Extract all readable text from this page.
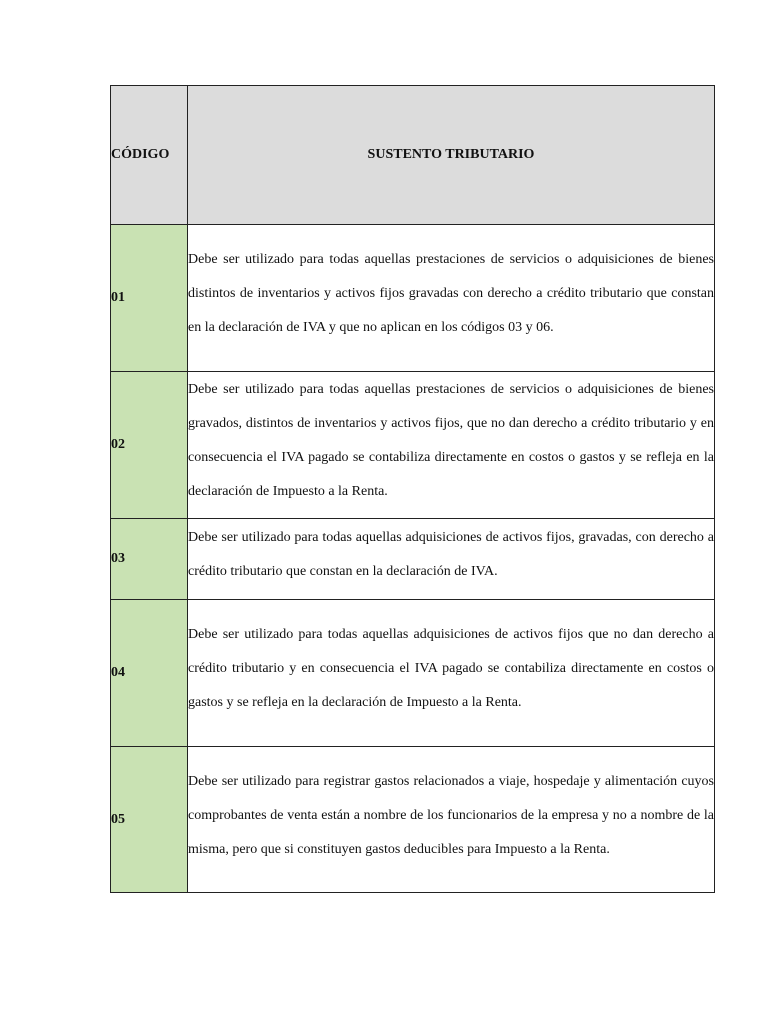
CÓDIGO	SUSTENTO TRIBUTARIO
01	Debe ser utilizado para todas aquellas prestaciones de servicios o adquisiciones de bienes distintos de inventarios y activos fijos gravadas con derecho a crédito tributario que constan en la declaración de IVA y que no aplican en los códigos 03 y 06.

02	Debe ser utilizado para todas aquellas prestaciones de servicios o adquisiciones de bienes gravados, distintos de inventarios y activos fijos, que no dan derecho a crédito tributario y en consecuencia el IVA pagado se contabiliza directamente en costos o gastos y se refleja en la declaración de Impuesto a la Renta.

03	Debe ser utilizado para todas aquellas adquisiciones de activos fijos, gravadas, con derecho a crédito tributario que constan en la declaración de IVA.

04	Debe ser utilizado para todas aquellas adquisiciones de activos fijos que no dan derecho a crédito tributario y en consecuencia el IVA pagado se contabiliza directamente en costos o gastos y se refleja en la declaración de Impuesto a la Renta.

05	Debe ser utilizado para registrar gastos relacionados a viaje, hospedaje y alimentación cuyos comprobantes de venta están a nombre de los funcionarios de la empresa y no a nombre de la misma, pero que si constituyen gastos deducibles para Impuesto a la Renta.
